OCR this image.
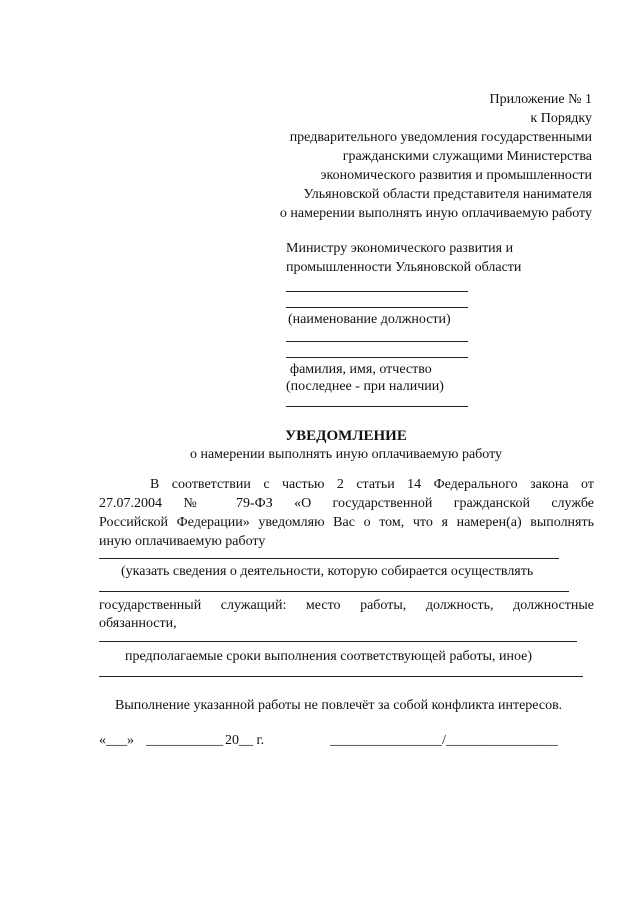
Приложение № 1
к Порядку
предварительного уведомления государственными
гражданскими служащими Министерства
экономического развития и промышленности
Ульяновской области представителя нанимателя
о намерении выполнять иную оплачиваемую работу
Министру экономического развития и
промышленности Ульяновской области
(наименование должности)
фамилия, имя, отчество
(последнее - при наличии)
УВЕДОМЛЕНИЕ
о намерении выполнять иную оплачиваемую работу
В соответствии с частью 2 статьи 14 Федерального закона от
27.07.2004 № 79-ФЗ «О государственной гражданской службе
Российской Федерации» уведомляю Вас о том, что я намерен(а) выполнять
иную оплачиваемую работу
(указать сведения о деятельности, которую собирается осуществлять
государственный служащий: место работы, должность, должностные
обязанности,
предполагаемые сроки выполнения соответствующей работы, иное)
Выполнение указанной работы не повлечёт за собой конфликта интересов.
«___» ___________ 20__ г.	________________/________________
